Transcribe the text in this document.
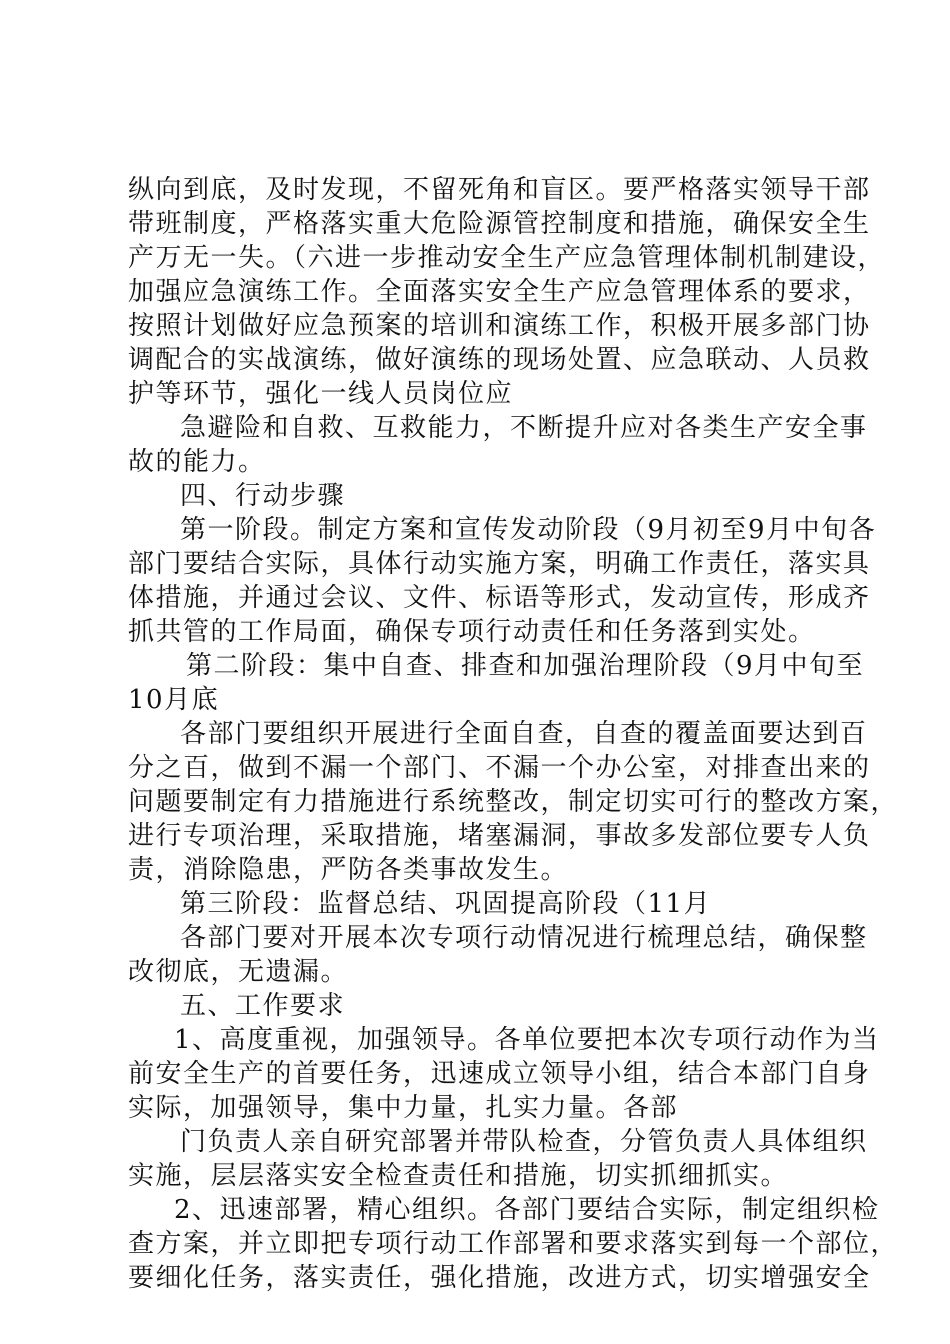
纵向到底，及时发现，不留死角和盲区。要严格落实领导干部
带班制度，严格落实重大危险源管控制度和措施，确保安全生
产万无一失。（六进一步推动安全生产应急管理体制机制建设，
加强应急演练工作。全面落实安全生产应急管理体系的要求，
按照计划做好应急预案的培训和演练工作，积极开展多部门协
调配合的实战演练，做好演练的现场处置、应急联动、人员救
护等环节，强化一线人员岗位应
急避险和自救、互救能力，不断提升应对各类生产安全事
故的能力。
四、行动步骤
第一阶段。制定方案和宣传发动阶段（9月初至9月中旬各
部门要结合实际，具体行动实施方案，明确工作责任，落实具
体措施，并通过会议、文件、标语等形式，发动宣传，形成齐
抓共管的工作局面，确保专项行动责任和任务落到实处。
第二阶段：集中自查、排查和加强治理阶段（9月中旬至
10月底
各部门要组织开展进行全面自查，自查的覆盖面要达到百
分之百，做到不漏一个部门、不漏一个办公室，对排查出来的
问题要制定有力措施进行系统整改，制定切实可行的整改方案，
进行专项治理，采取措施，堵塞漏洞，事故多发部位要专人负
责，消除隐患，严防各类事故发生。
第三阶段：监督总结、巩固提高阶段（11月
各部门要对开展本次专项行动情况进行梳理总结，确保整
改彻底，无遗漏。
五、工作要求
1、高度重视，加强领导。各单位要把本次专项行动作为当
前安全生产的首要任务，迅速成立领导小组，结合本部门自身
实际，加强领导，集中力量，扎实力量。各部
门负责人亲自研究部署并带队检查，分管负责人具体组织
实施，层层落实安全检查责任和措施，切实抓细抓实。
2、迅速部署，精心组织。各部门要结合实际，制定组织检
查方案，并立即把专项行动工作部署和要求落实到每一个部位，
要细化任务，落实责任，强化措施，改进方式，切实增强安全
